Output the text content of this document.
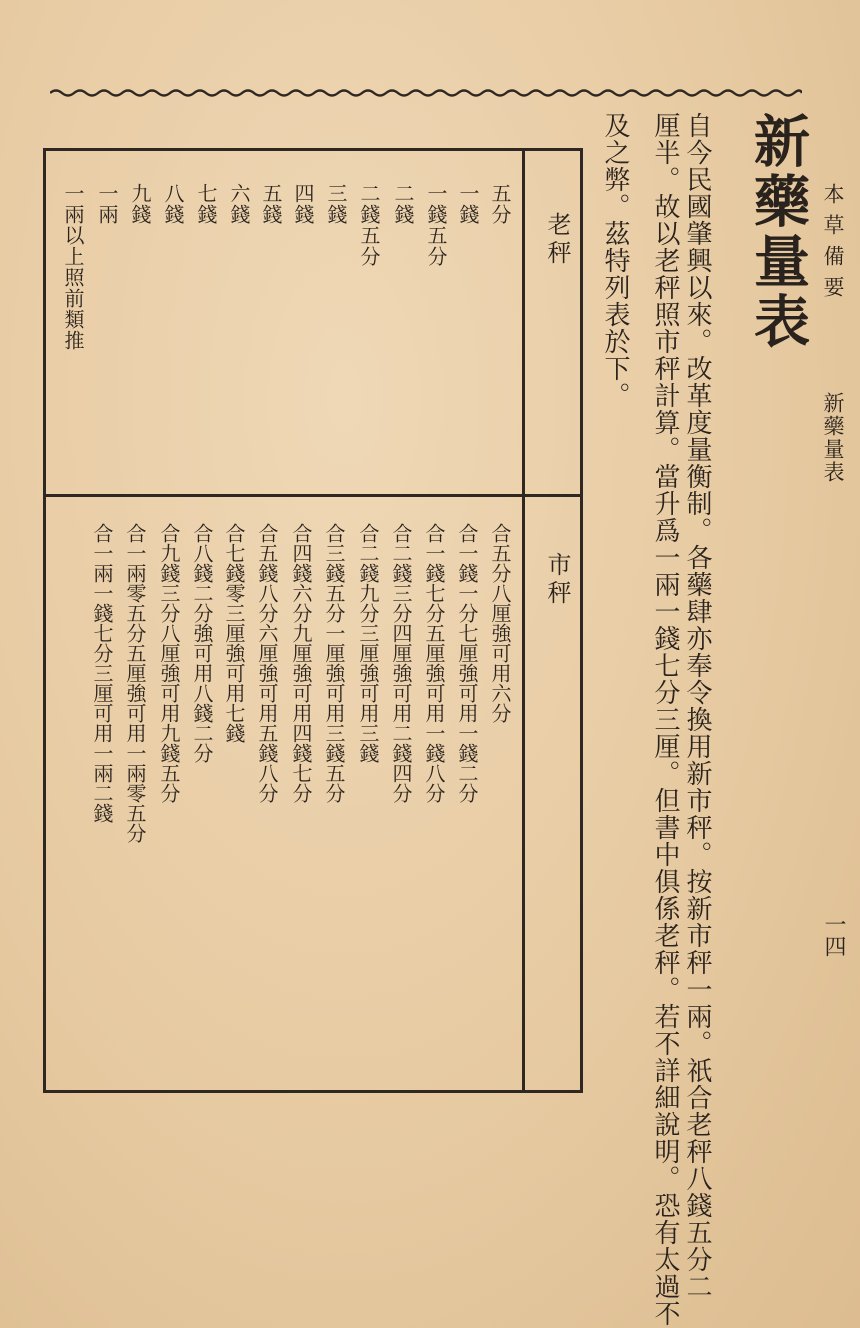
本草備要
新藥量表
一四
新藥量表
自今民國肇興以來。改革度量衡制。各藥肆亦奉令換用新市秤。按新市秤一兩。祇合老秤八錢五分二
厘半。故以老秤照市秤計算。當升爲一兩一錢七分三厘。但書中俱係老秤。若不詳細說明。恐有太過不
及之弊。茲特列表於下。
老秤
市秤
五分
一錢
一錢五分
二錢
二錢五分
三錢
四錢
五錢
六錢
七錢
八錢
九錢
一兩
一兩以上照前類推
合五分八厘強可用六分
合一錢一分七厘強可用一錢二分
合一錢七分五厘強可用一錢八分
合二錢三分四厘強可用二錢四分
合二錢九分三厘強可用三錢
合三錢五分一厘強可用三錢五分
合四錢六分九厘強可用四錢七分
合五錢八分六厘強可用五錢八分
合七錢零三厘強可用七錢
合八錢二分強可用八錢二分
合九錢三分八厘強可用九錢五分
合一兩零五分五厘強可用一兩零五分
合一兩一錢七分三厘可用一兩二錢
